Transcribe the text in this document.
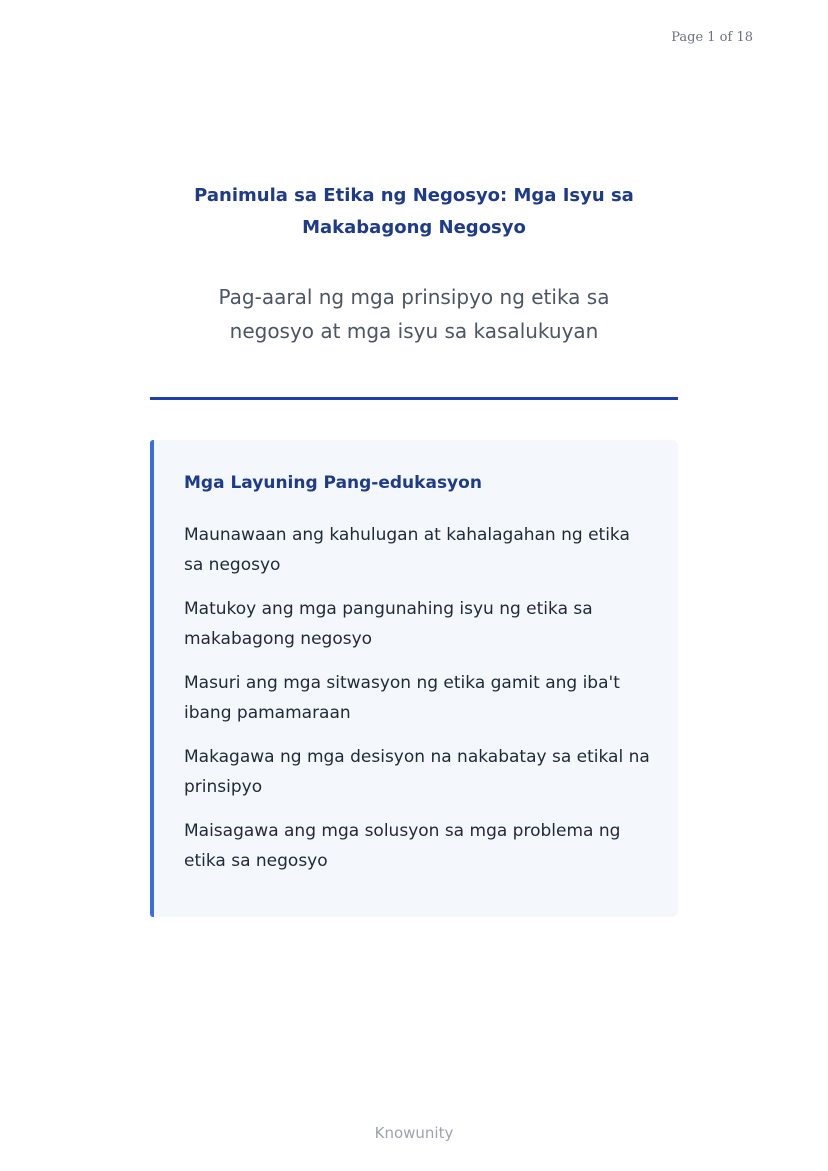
Page 1 of 18
Panimula sa Etika ng Negosyo: Mga Isyu sa Makabagong Negosyo
Pag-aaral ng mga prinsipyo ng etika sa negosyo at mga isyu sa kasalukuyan
Mga Layuning Pang-edukasyon
Maunawaan ang kahulugan at kahalagahan ng etika sa negosyo
Matukoy ang mga pangunahing isyu ng etika sa makabagong negosyo
Masuri ang mga sitwasyon ng etika gamit ang iba't ibang pamamaraan
Makagawa ng mga desisyon na nakabatay sa etikal na prinsipyo
Maisagawa ang mga solusyon sa mga problema ng etika sa negosyo
Knowunity
